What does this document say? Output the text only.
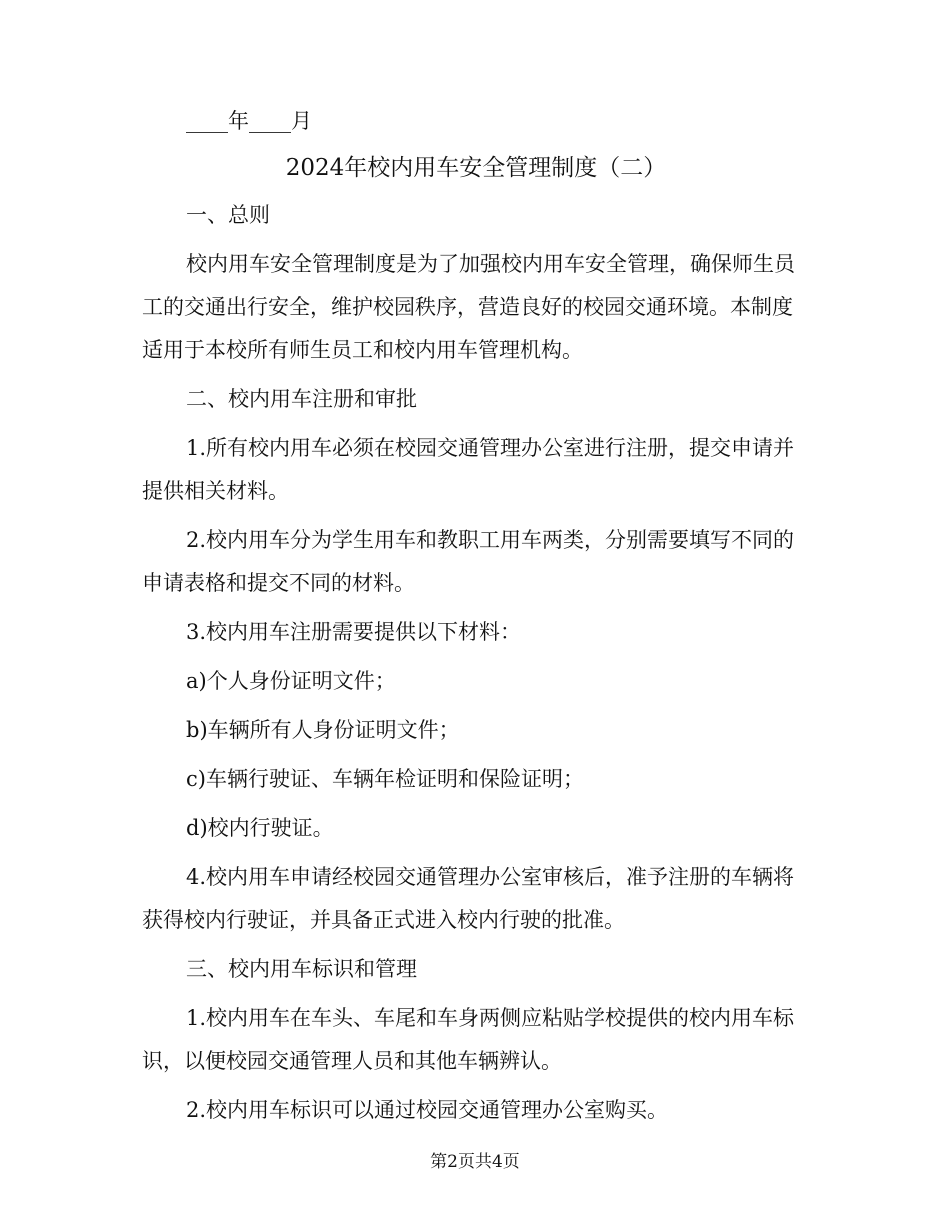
____年____月
2024年校内用车安全管理制度（二）

一、总则

校内用车安全管理制度是为了加强校内用车安全管理，确保师生员工的交通出行安全，维护校园秩序，营造良好的校园交通环境。本制度适用于本校所有师生员工和校内用车管理机构。

二、校内用车注册和审批

1.所有校内用车必须在校园交通管理办公室进行注册，提交申请并提供相关材料。

2.校内用车分为学生用车和教职工用车两类，分别需要填写不同的申请表格和提交不同的材料。

3.校内用车注册需要提供以下材料：

a)个人身份证明文件；

b)车辆所有人身份证明文件；

c)车辆行驶证、车辆年检证明和保险证明；

d)校内行驶证。

4.校内用车申请经校园交通管理办公室审核后，准予注册的车辆将获得校内行驶证，并具备正式进入校内行驶的批准。

三、校内用车标识和管理

1.校内用车在车头、车尾和车身两侧应粘贴学校提供的校内用车标识，以便校园交通管理人员和其他车辆辨认。

2.校内用车标识可以通过校园交通管理办公室购买。

第2页共4页
